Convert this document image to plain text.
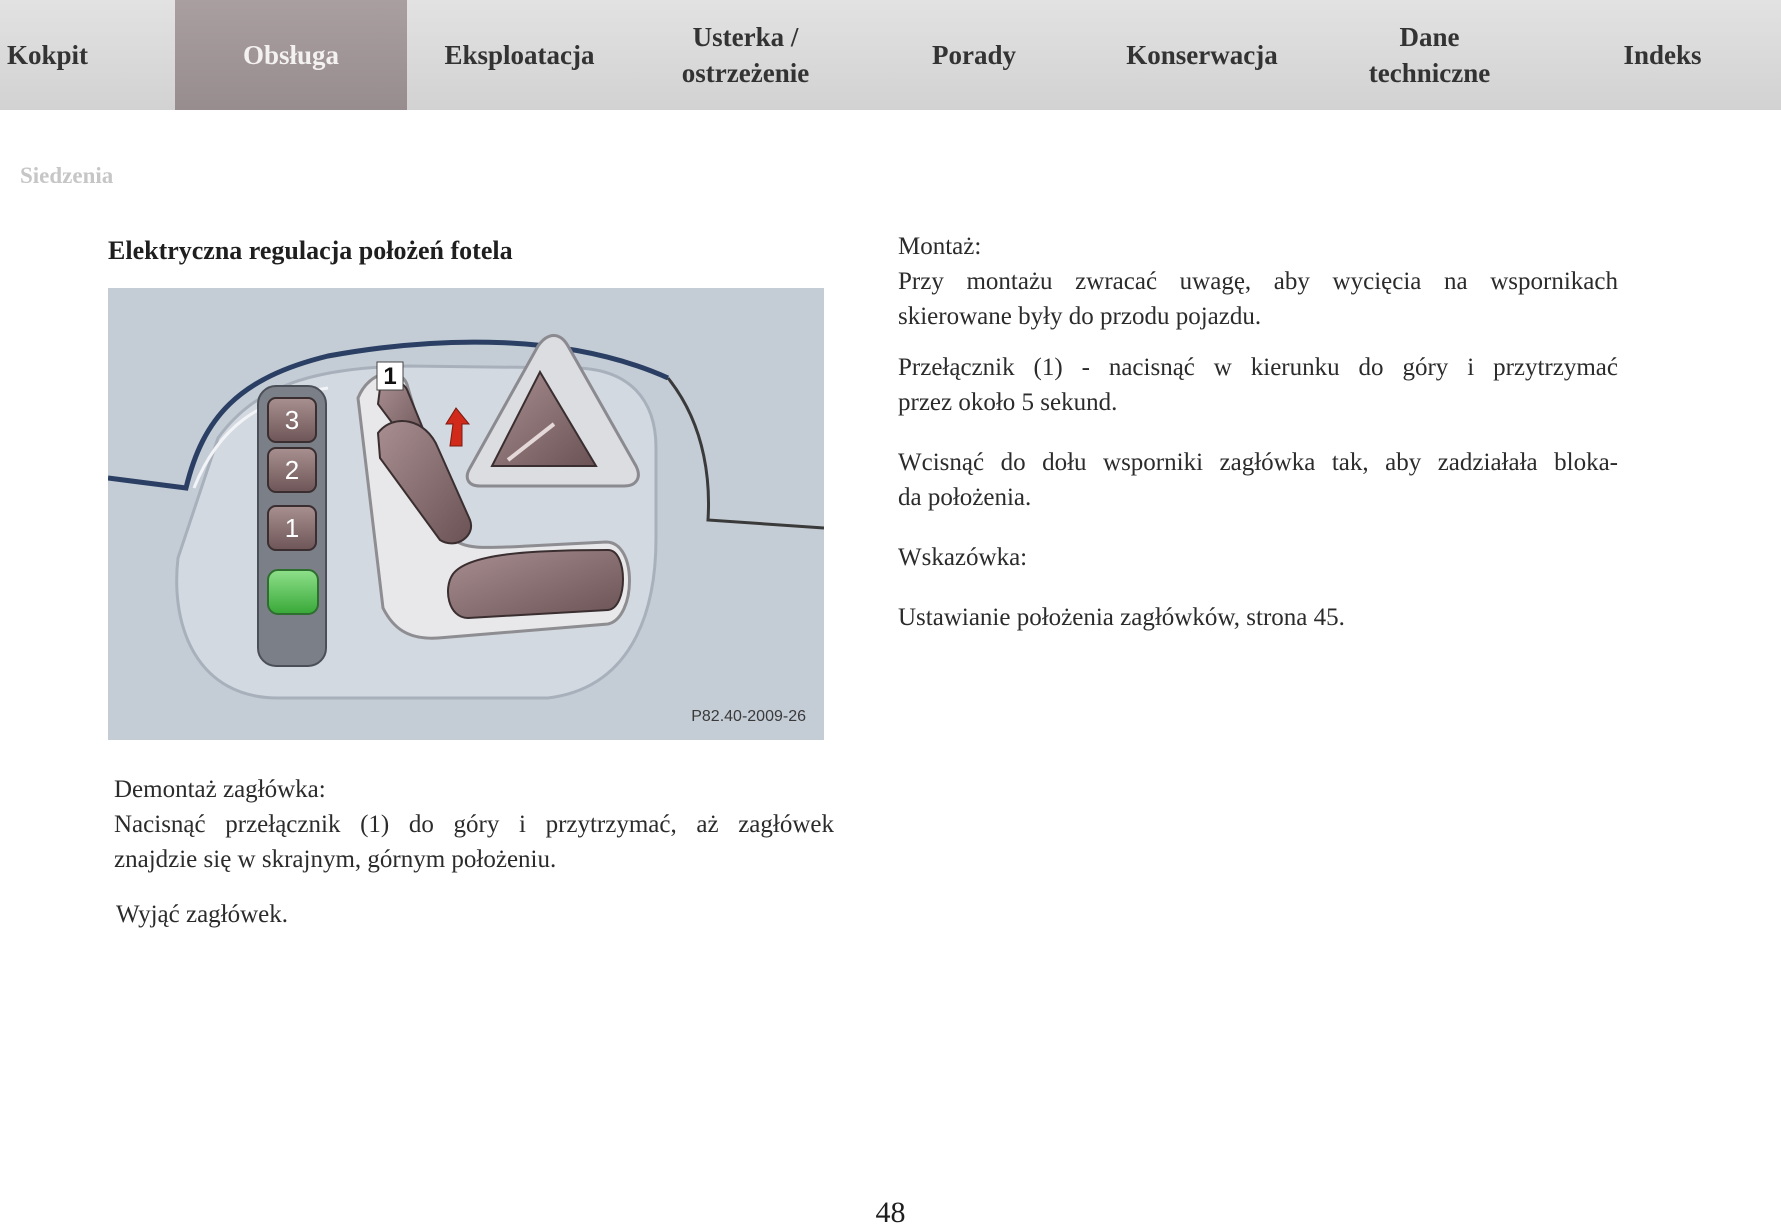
Kokpit	Obsługa	Eksploatacja
Usterka /
ostrzeżenie
Porady	Konserwacja
Dane
techniczne
Indeks
Siedzenia
Elektryczna regulacja położeń fotela
3
2
1
1
P82.40-2009-26

Demontaż zagłówka:

Nacisnąć przełącznik (1) do góry i przytrzymać, aż zagłówek

znajdzie się w skrajnym, górnym położeniu.

Wyjąć zagłówek.

Montaż:

Przy montażu zwracać uwagę, aby wycięcia na wspornikach

skierowane były do przodu pojazdu.

Przełącznik (1) - nacisnąć w kierunku do góry i przytrzymać

przez około 5 sekund.

Wcisnąć do dołu wsporniki zagłówka tak, aby zadziałała bloka-

da położenia.

Wskazówka:

Ustawianie położenia zagłówków, strona 45.

48
